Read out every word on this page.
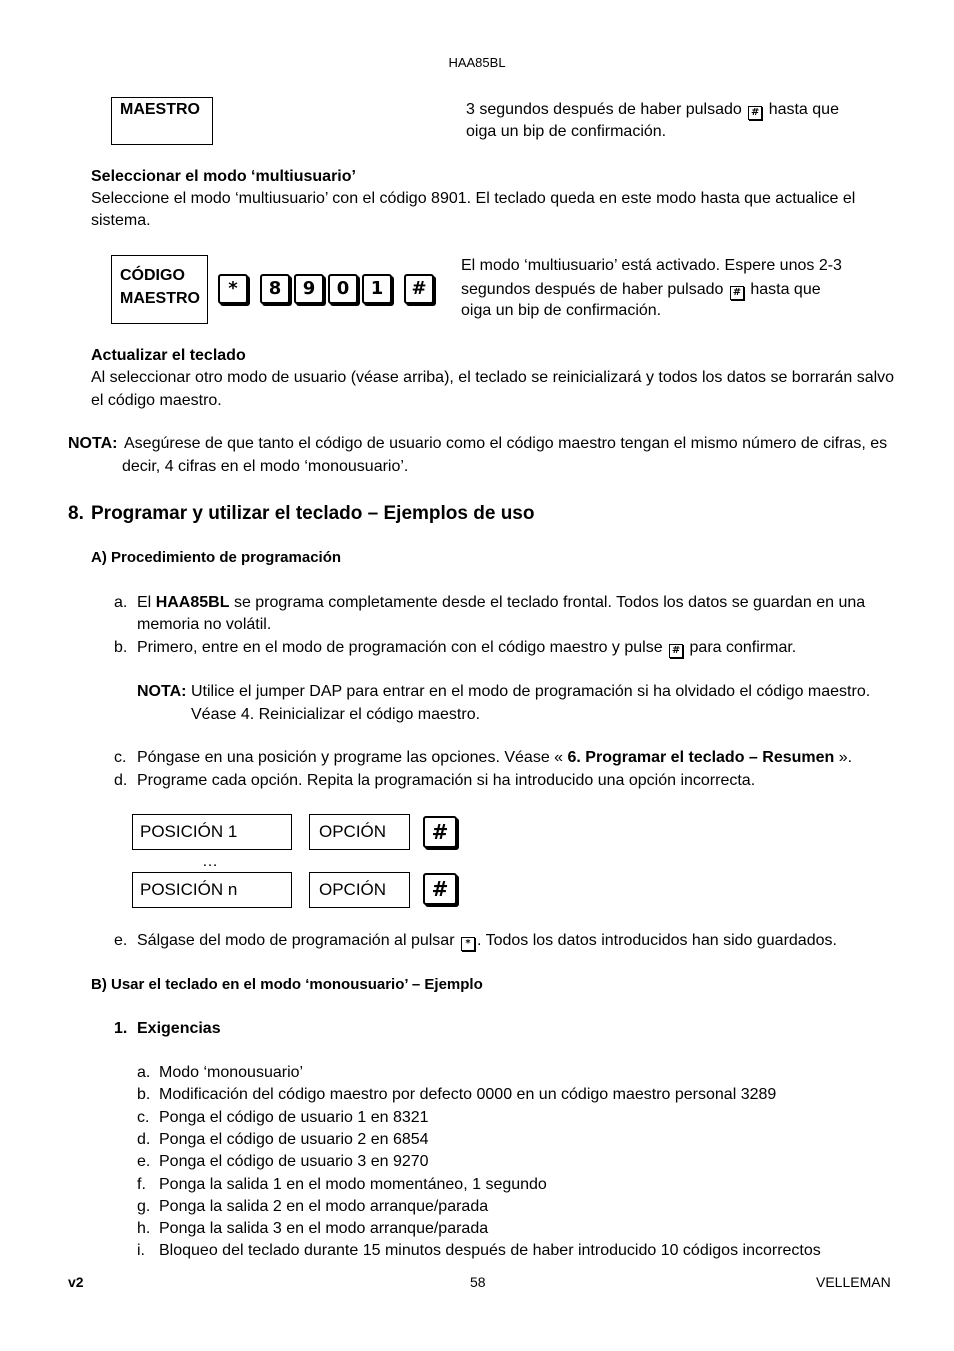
HAA85BL
MAESTRO	3 segundos después de haber pulsado # hasta que
oiga un bip de confirmación.
Seleccionar el modo ‘multiusuario’
Seleccione el modo ‘multiusuario’ con el código 8901. El teclado queda en este modo hasta que actualice el
sistema.
CÓDIGO
MAESTRO	*	8	9	0	1	#
El modo ‘multiusuario’ está activado. Espere unos 2-3
segundos después de haber pulsado # hasta que
oiga un bip de confirmación.
Actualizar el teclado
Al seleccionar otro modo de usuario (véase arriba), el teclado se reinicializará y todos los datos se borrarán salvo
el código maestro.
NOTA: Asegúrese de que tanto el código de usuario como el código maestro tengan el mismo número de cifras, es
decir, 4 cifras en el modo ‘monousuario’.
8. Programar y utilizar el teclado – Ejemplos de uso
A) Procedimiento de programación
a. El HAA85BL se programa completamente desde el teclado frontal. Todos los datos se guardan en una
memoria no volátil.
b. Primero, entre en el modo de programación con el código maestro y pulse # para confirmar.
NOTA: Utilice el jumper DAP para entrar en el modo de programación si ha olvidado el código maestro.
Véase 4. Reinicializar el código maestro.
c. Póngase en una posición y programe las opciones. Véase « 6. Programar el teclado – Resumen ».
d. Programe cada opción. Repita la programación si ha introducido una opción incorrecta.
POSICIÓN 1	OPCIÓN	#
…
POSICIÓN n	OPCIÓN	#
e. Sálgase del modo de programación al pulsar * . Todos los datos introducidos han sido guardados.
B) Usar el teclado en el modo ‘monousuario’ – Ejemplo
1. Exigencias
a. Modo ‘monousuario’
b. Modificación del código maestro por defecto 0000 en un código maestro personal 3289
c. Ponga el código de usuario 1 en 8321
d. Ponga el código de usuario 2 en 6854
e. Ponga el código de usuario 3 en 9270
f. Ponga la salida 1 en el modo momentáneo, 1 segundo
g. Ponga la salida 2 en el modo arranque/parada
h. Ponga la salida 3 en el modo arranque/parada
i. Bloqueo del teclado durante 15 minutos después de haber introducido 10 códigos incorrectos
v2	58	VELLEMAN
